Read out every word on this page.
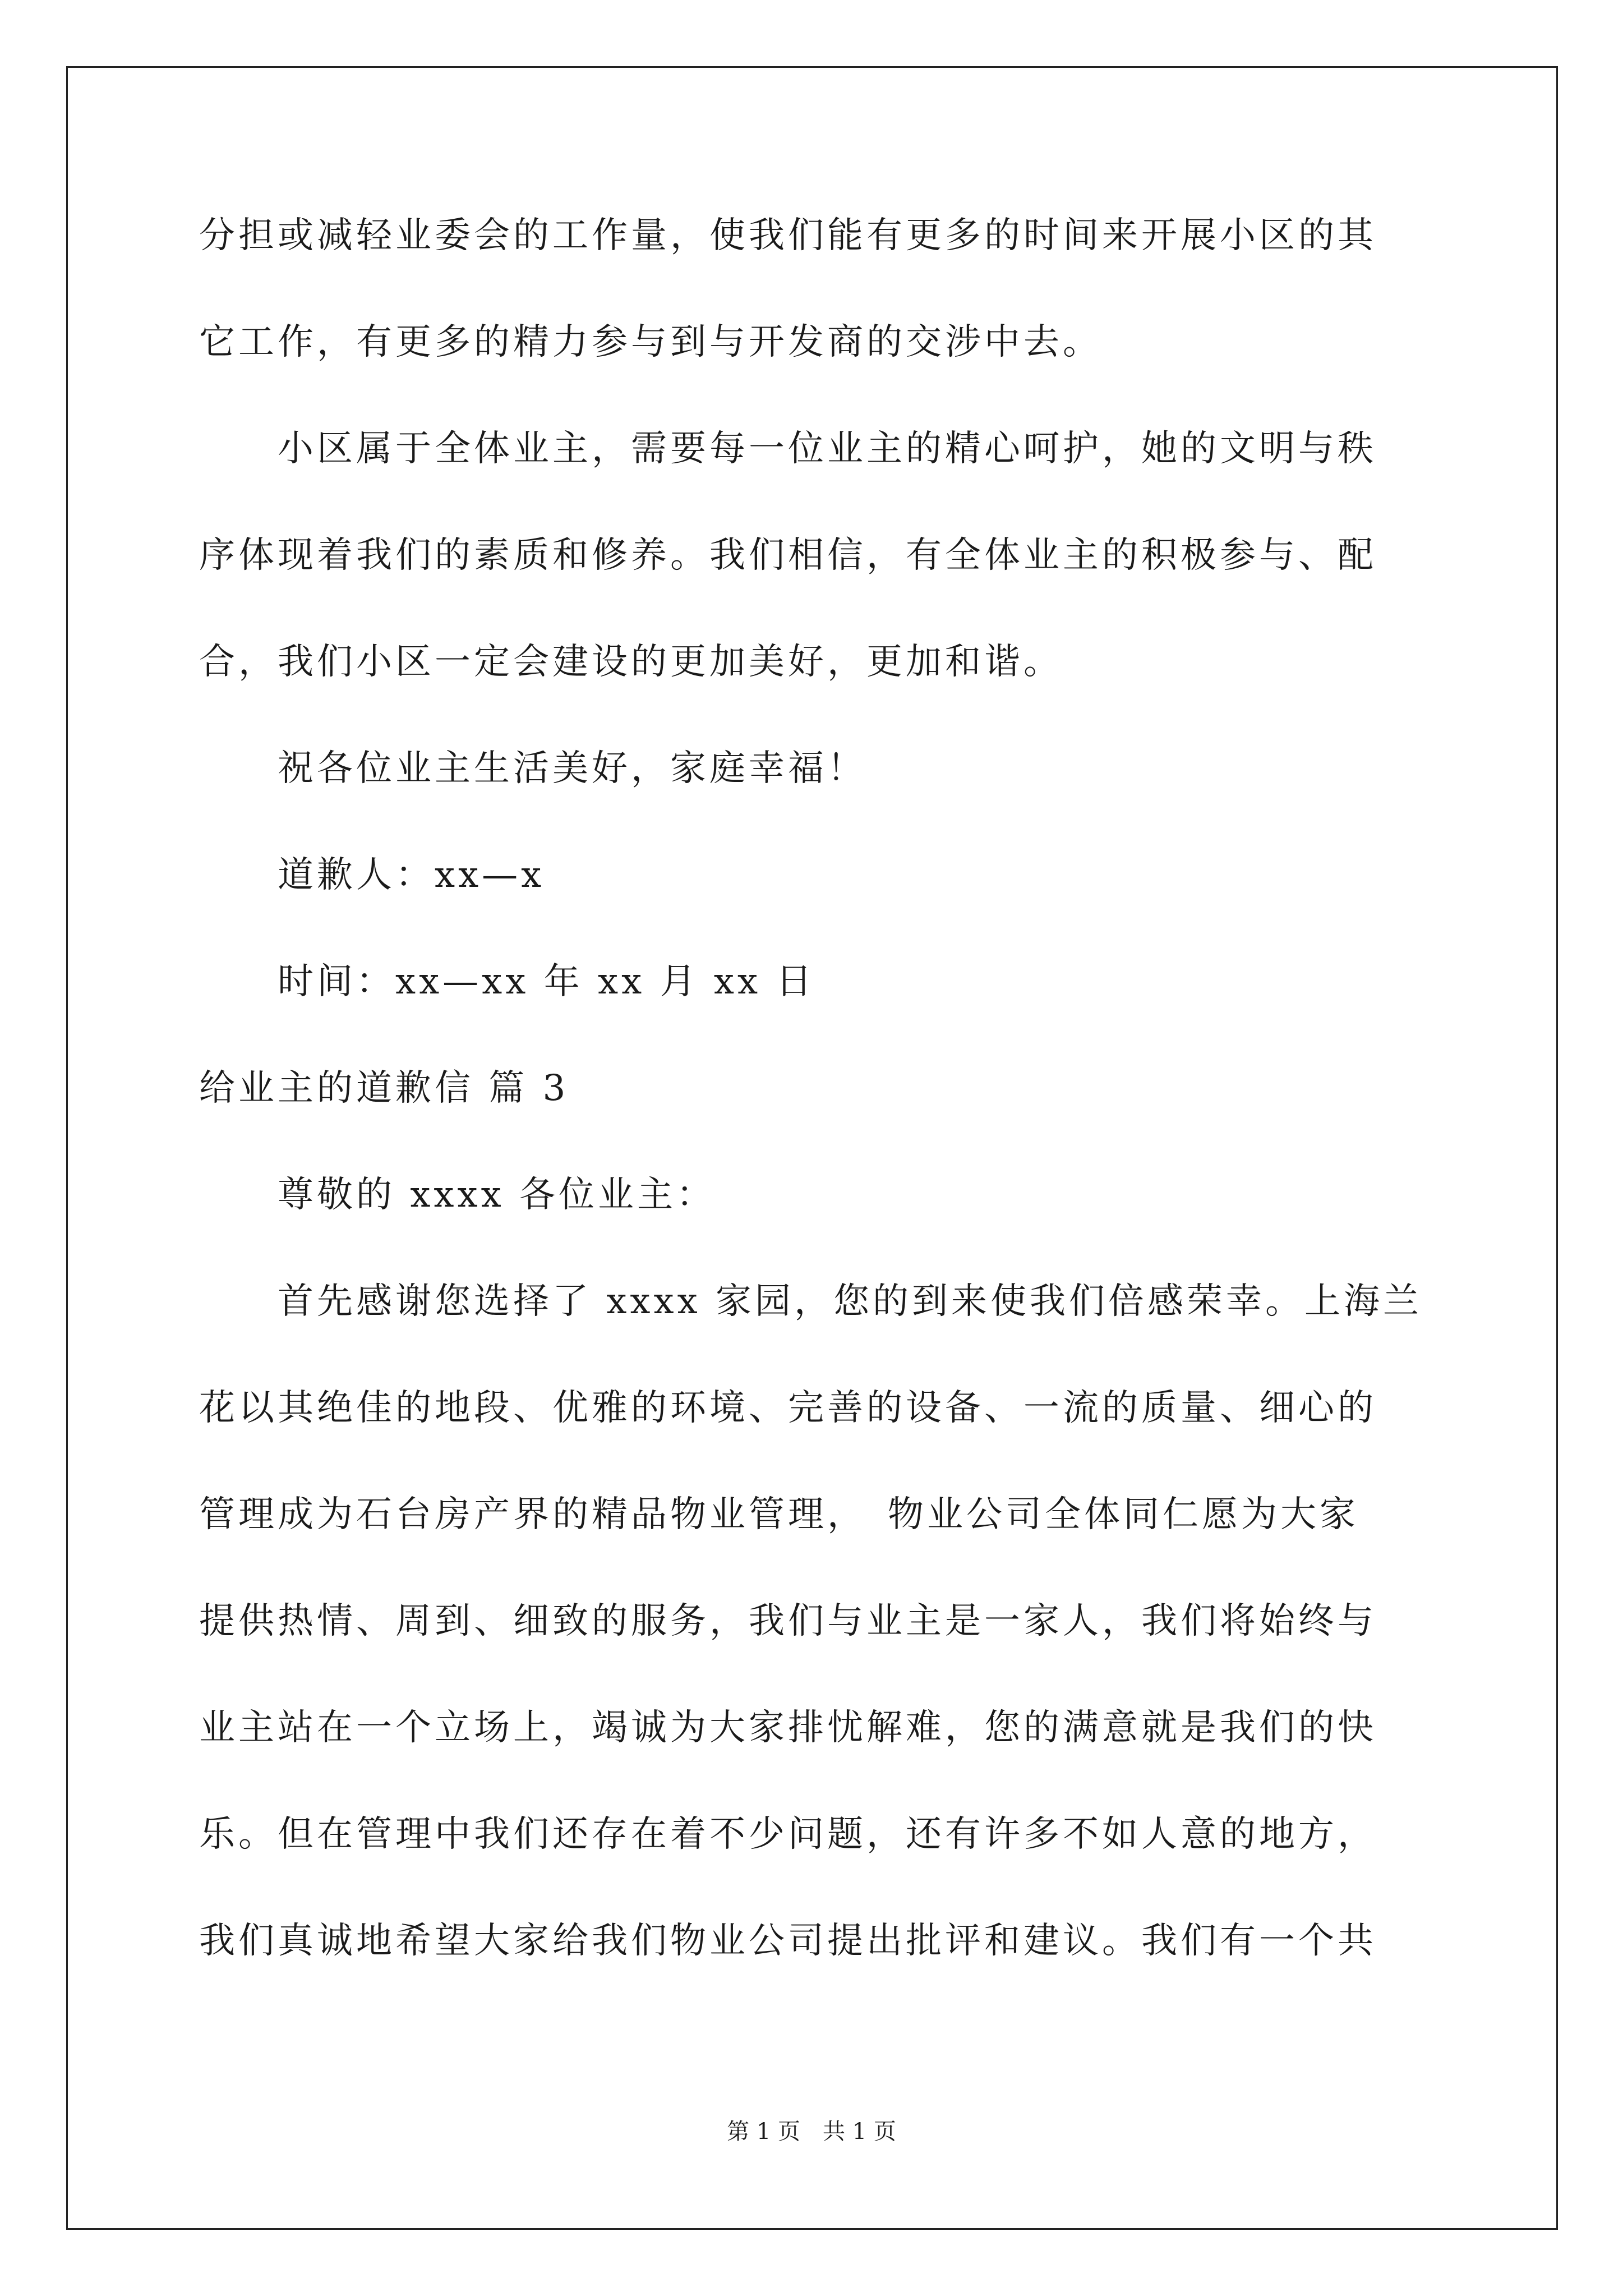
分担或减轻业委会的工作量，使我们能有更多的时间来开展小区的其
它工作，有更多的精力参与到与开发商的交涉中去。
　　小区属于全体业主，需要每一位业主的精心呵护，她的文明与秩
序体现着我们的素质和修养。我们相信，有全体业主的积极参与、配
合，我们小区一定会建设的更加美好，更加和谐。
　　祝各位业主生活美好，家庭幸福！
　　道歉人：xx—x
　　时间：xx—xx 年 xx 月 xx 日
给业主的道歉信 篇 3
　　尊敬的 xxxx 各位业主：
　　首先感谢您选择了 xxxx 家园，您的到来使我们倍感荣幸。上海兰
花以其绝佳的地段、优雅的环境、完善的设备、一流的质量、细心的
管理成为石台房产界的精品物业管理，　物业公司全体同仁愿为大家
提供热情、周到、细致的服务，我们与业主是一家人，我们将始终与
业主站在一个立场上，竭诚为大家排忧解难，您的满意就是我们的快
乐。但在管理中我们还存在着不少问题，还有许多不如人意的地方，
我们真诚地希望大家给我们物业公司提出批评和建议。我们有一个共
第 1 页　共 1 页
